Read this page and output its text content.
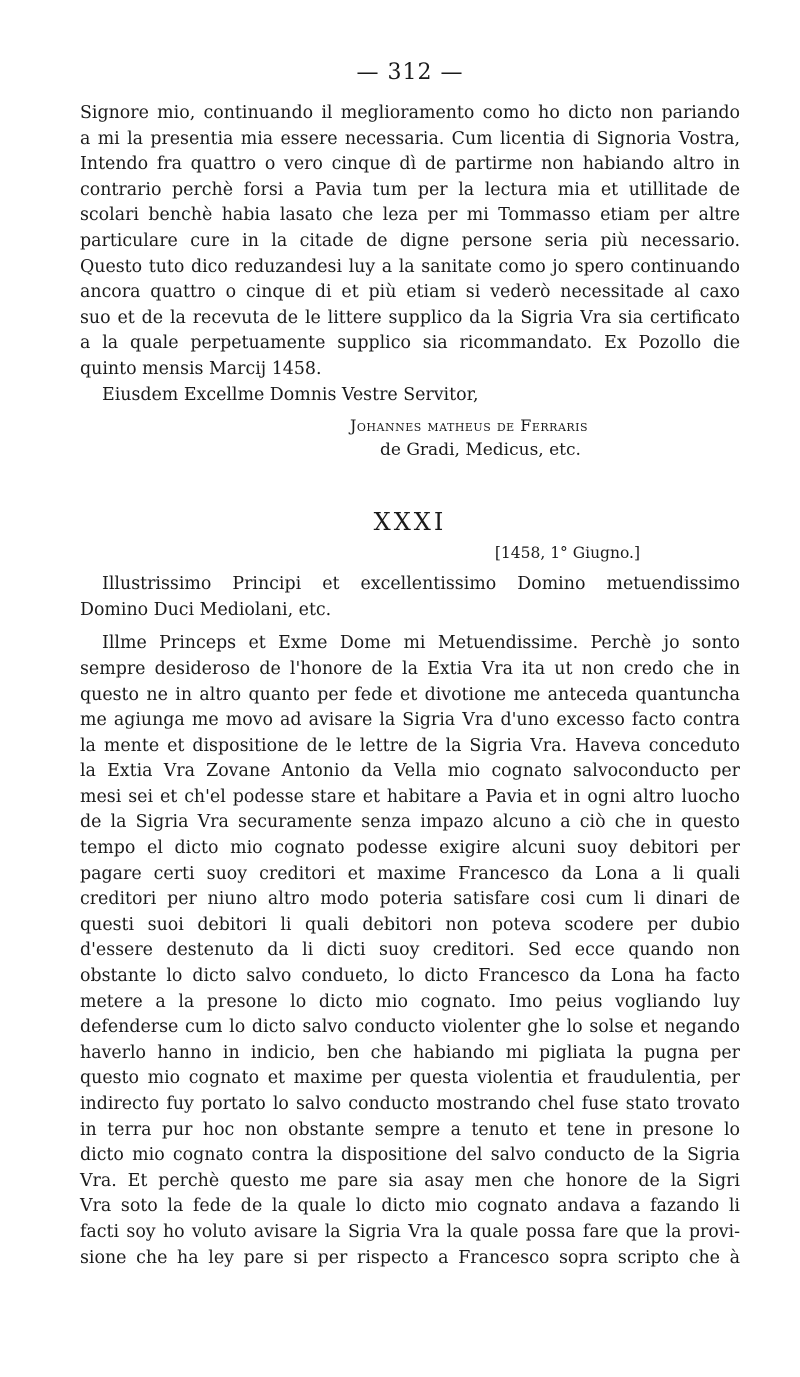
— 312 —
Signore mio, continuando il meglioramento como ho dicto non pariando
a mi la presentia mia essere necessaria. Cum licentia di Signoria Vostra,
Intendo fra quattro o vero cinque dì de partirme non habiando altro in
contrario perchè forsi a Pavia tum per la lectura mia et utillitade de
scolari benchè habia lasato che leza per mi Tommasso etiam per altre
particulare cure in la citade de digne persone seria più necessario.
Questo tuto dico reduzandesi luy a la sanitate como jo spero continuando
ancora quattro o cinque di et più etiam si vederò necessitade al caxo
suo et de la recevuta de le littere supplico da la Sigria Vra sia certificato
a la quale perpetuamente supplico sia ricommandato. Ex Pozollo die
quinto mensis Marcij 1458.
Eiusdem Excellme Domnis Vestre Servitor,
Johannes matheus de Ferraris
de Gradi, Medicus, etc.
XXXI
[1458, 1° Giugno.]
Illustrissimo Principi et excellentissimo Domino metuendissimo
Domino Duci Mediolani, etc.
Illme Princeps et Exme Dome mi Metuendissime. Perchè jo sonto
sempre desideroso de l'honore de la Extia Vra ita ut non credo che in
questo ne in altro quanto per fede et divotione me anteceda quantuncha
me agiunga me movo ad avisare la Sigria Vra d'uno excesso facto contra
la mente et dispositione de le lettre de la Sigria Vra. Haveva conceduto
la Extia Vra Zovane Antonio da Vella mio cognato salvoconducto per
mesi sei et ch'el podesse stare et habitare a Pavia et in ogni altro luocho
de la Sigria Vra securamente senza impazo alcuno a ciò che in questo
tempo el dicto mio cognato podesse exigire alcuni suoy debitori per
pagare certi suoy creditori et maxime Francesco da Lona a li quali
creditori per niuno altro modo poteria satisfare cosi cum li dinari de
questi suoi debitori li quali debitori non poteva scodere per dubio
d'essere destenuto da li dicti suoy creditori. Sed ecce quando non
obstante lo dicto salvo condueto, lo dicto Francesco da Lona ha facto
metere a la presone lo dicto mio cognato. Imo peius vogliando luy
defenderse cum lo dicto salvo conducto violenter ghe lo solse et negando
haverlo hanno in indicio, ben che habiando mi pigliata la pugna per
questo mio cognato et maxime per questa violentia et fraudulentia, per
indirecto fuy portato lo salvo conducto mostrando chel fuse stato trovato
in terra pur hoc non obstante sempre a tenuto et tene in presone lo
dicto mio cognato contra la dispositione del salvo conducto de la Sigria
Vra. Et perchè questo me pare sia asay men che honore de la Sigri
Vra soto la fede de la quale lo dicto mio cognato andava a fazando li
facti soy ho voluto avisare la Sigria Vra la quale possa fare que la provi-
sione che ha ley pare si per rispecto a Francesco sopra scripto che à
